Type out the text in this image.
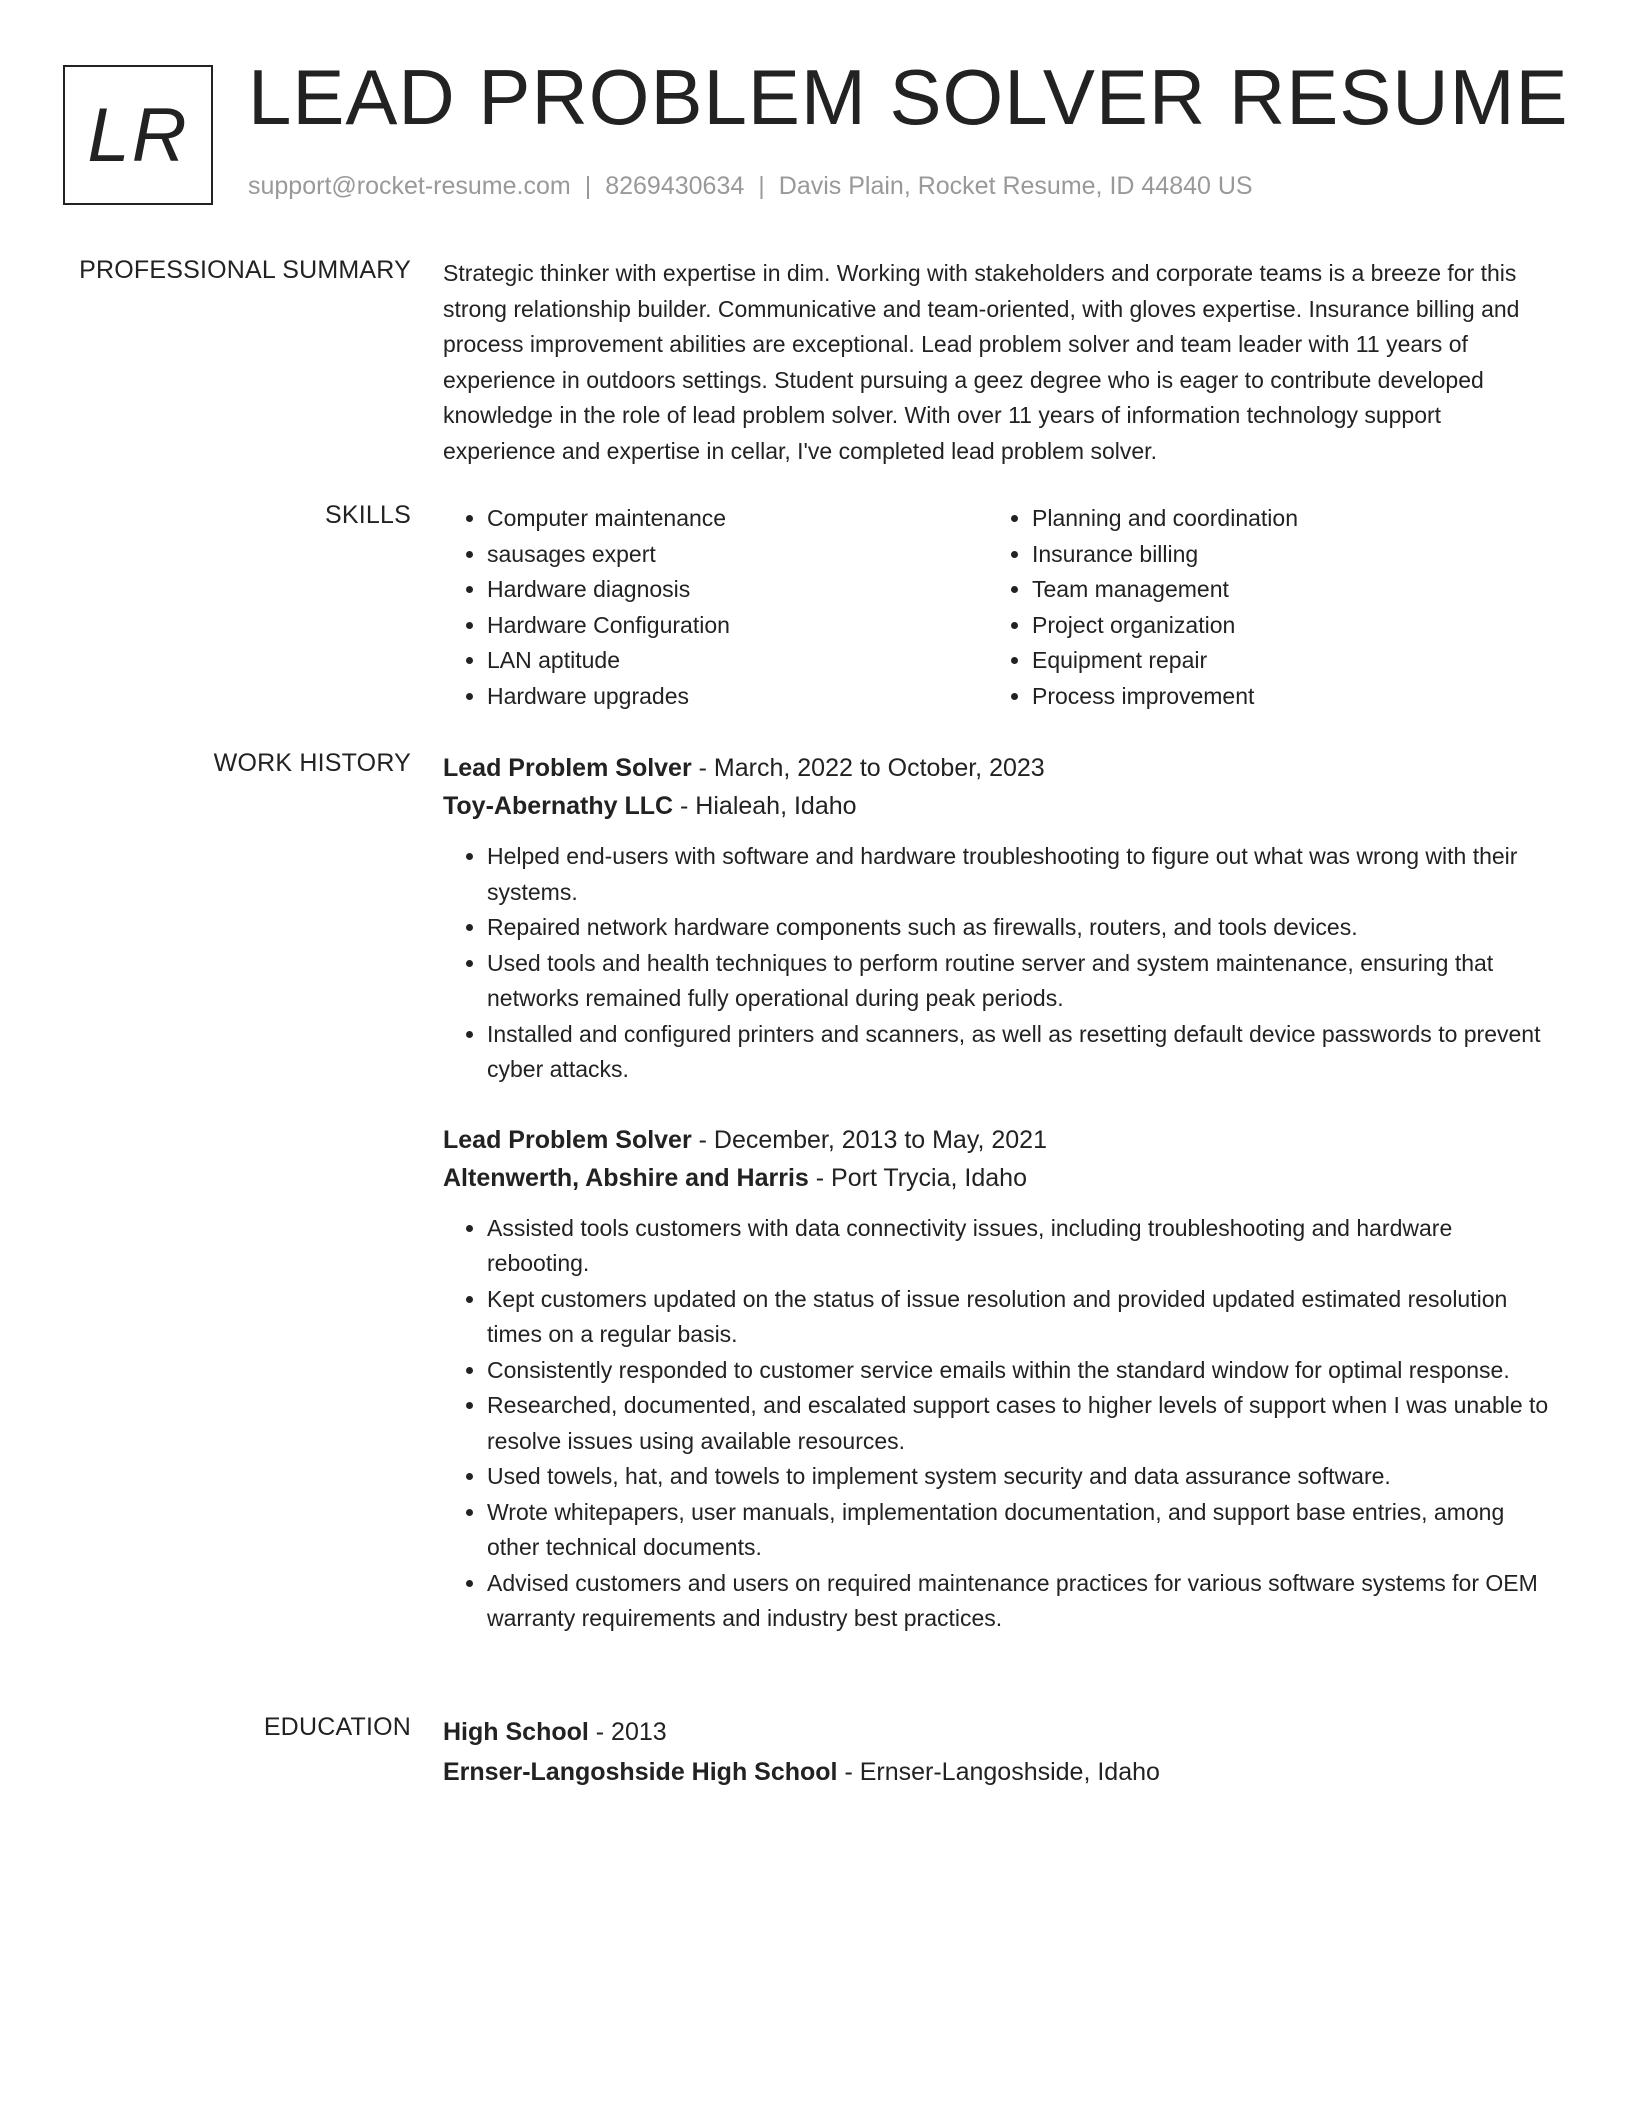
LR LEAD PROBLEM SOLVER RESUME
support@rocket-resume.com | 8269430634 | Davis Plain, Rocket Resume, ID 44840 US
PROFESSIONAL SUMMARY Strategic thinker with expertise in dim. Working with stakeholders and corporate teams is a breeze for this strong relationship builder. Communicative and team-oriented, with gloves expertise. Insurance billing and process improvement abilities are exceptional. Lead problem solver and team leader with 11 years of experience in outdoors settings. Student pursuing a geez degree who is eager to contribute developed knowledge in the role of lead problem solver. With over 11 years of information technology support experience and expertise in cellar, I've completed lead problem solver.

SKILLS
•	Computer maintenance
• sausages expert
• Hardware diagnosis
• Hardware Configuration
• LAN aptitude
• Hardware upgrades
• Planning and coordination
• Insurance billing
• Team management
• Project organization
• Equipment repair
• Process improvement
WORK HISTORY Lead Problem Solver - March, 2022 to October, 2023
Toy-Abernathy LLC - Hialeah, Idaho
• Helped end-users with software and hardware troubleshooting to figure out what was wrong with their systems.
• Repaired network hardware components such as firewalls, routers, and tools devices.
• Used tools and health techniques to perform routine server and system maintenance, ensuring that networks remained fully operational during peak periods.
• Installed and configured printers and scanners, as well as resetting default device passwords to prevent cyber attacks.
Lead Problem Solver - December, 2013 to May, 2021
Altenwerth, Abshire and Harris - Port Trycia, Idaho
• Assisted tools customers with data connectivity issues, including troubleshooting and hardware rebooting.
• Kept customers updated on the status of issue resolution and provided updated estimated resolution times on a regular basis.
• Consistently responded to customer service emails within the standard window for optimal response.
• Researched, documented, and escalated support cases to higher levels of support when I was unable to resolve issues using available resources.
• Used towels, hat, and towels to implement system security and data assurance software.
• Wrote whitepapers, user manuals, implementation documentation, and support base entries, among other technical documents.
• Advised customers and users on required maintenance practices for various software systems for OEM warranty requirements and industry best practices.
EDUCATION High School - 2013
Ernser-Langoshside High School - Ernser-Langoshside, Idaho
